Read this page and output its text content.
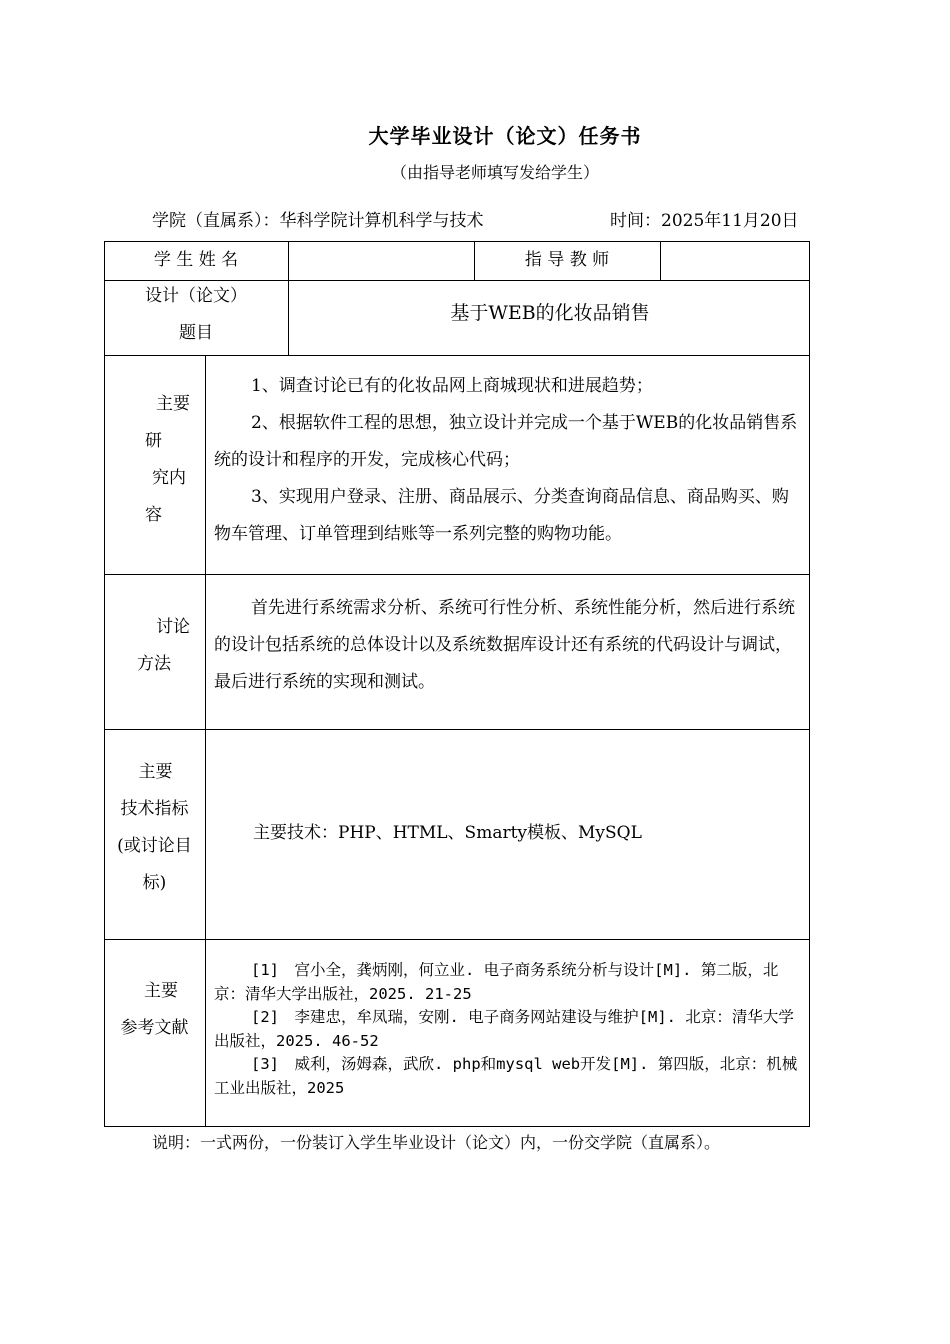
大学毕业设计（论文）任务书
（由指导老师填写发给学生）
学院（直属系）：华科学院计算机科学与技术	时间：2025年11月20日
学 生 姓 名	指 导 教 师
设计（论文）
题目
基于WEB的化妆品销售
主要
研
究内
容
1、调查讨论已有的化妆品网上商城现状和进展趋势；
2、根据软件工程的思想，独立设计并完成一个基于WEB的化妆品销售系统的设计和程序的开发，完成核心代码；
3、实现用户登录、注册、商品展示、分类查询商品信息、商品购买、购物车管理、订单管理到结账等一系列完整的购物功能。
讨论
方法
首先进行系统需求分析、系统可行性分析、系统性能分析，然后进行系统的设计包括系统的总体设计以及系统数据库设计还有系统的代码设计与调试，最后进行系统的实现和测试。
主要
技术指标
(或讨论目
标)
主要技术：PHP、HTML、Smarty模板、MySQL
主要
参考文献
[1]　宫小全，龚炳刚，何立业. 电子商务系统分析与设计[M]. 第二版，北京：清华大学出版社，2025. 21-25
[2]　李建忠，牟凤瑞，安刚. 电子商务网站建设与维护[M]. 北京：清华大学出版社，2025. 46-52
[3]　威利，汤姆森，武欣. php和mysql web开发[M]. 第四版，北京：机械工业出版社，2025
说明：一式两份，一份装订入学生毕业设计（论文）内，一份交学院（直属系）。
